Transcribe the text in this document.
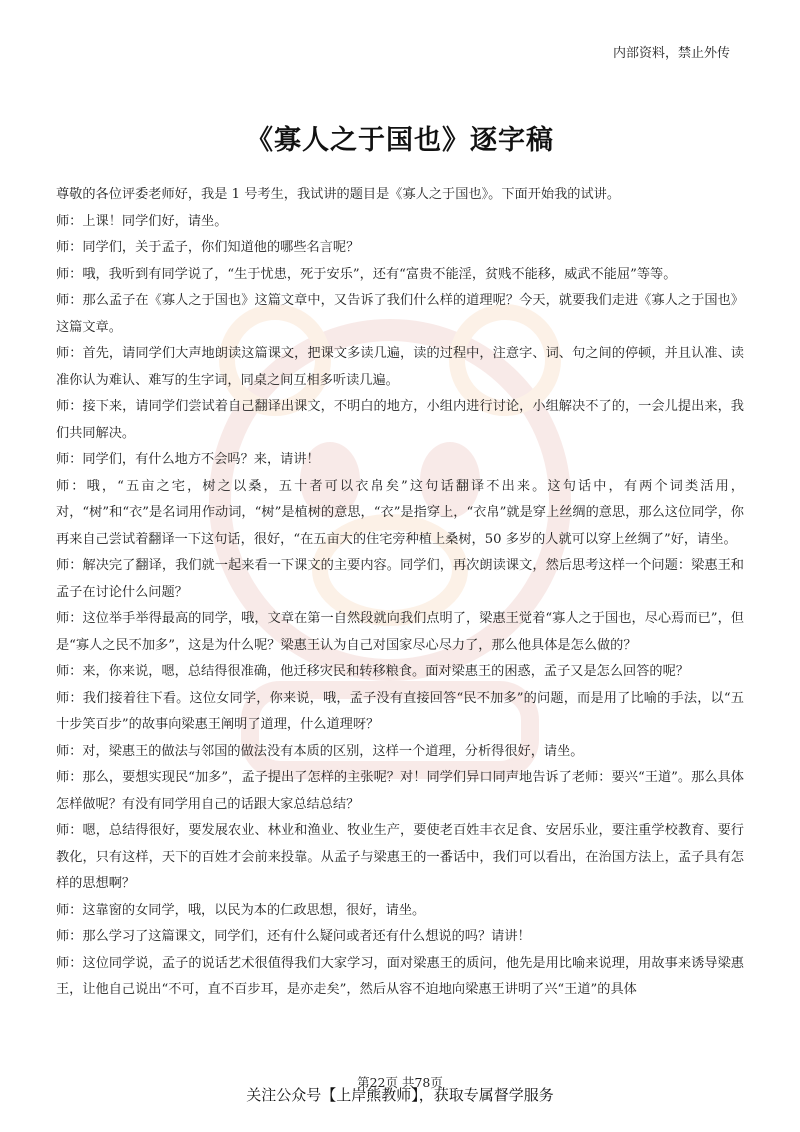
内部资料，禁止外传
《寡人之于国也》逐字稿

尊敬的各位评委老师好，我是 1 号考生，我试讲的题目是《寡人之于国也》。下面开始我的试讲。

师：上课！同学们好，请坐。

师：同学们，关于孟子，你们知道他的哪些名言呢？

师：哦，我听到有同学说了，“生于忧患，死于安乐”，还有“富贵不能淫，贫贱不能移，威武不能屈”等等。

师：那么孟子在《寡人之于国也》这篇文章中，又告诉了我们什么样的道理呢？今天，就要我们走进《寡人之于国也》这篇文章。

师：首先，请同学们大声地朗读这篇课文，把课文多读几遍，读的过程中，注意字、词、句之间的停顿，并且认准、读准你认为难认、难写的生字词，同桌之间互相多听读几遍。

师：接下来，请同学们尝试着自己翻译出课文，不明白的地方，小组内进行讨论，小组解决不了的，一会儿提出来，我们共同解决。

师：同学们，有什么地方不会吗？来，请讲！

师：哦，“五亩之宅，树之以桑，五十者可以衣帛矣”这句话翻译不出来。这句话中，有两个词类活用，对，“树”和“衣”是名词用作动词，“树”是植树的意思，“衣”是指穿上，“衣帛”就是穿上丝绸的意思，那么这位同学，你再来自己尝试着翻译一下这句话，很好，“在五亩大的住宅旁种植上桑树，50 多岁的人就可以穿上丝绸了”好，请坐。

师：解决完了翻译，我们就一起来看一下课文的主要内容。同学们，再次朗读课文，然后思考这样一个问题：梁惠王和孟子在讨论什么问题？

师：这位举手举得最高的同学，哦，文章在第一自然段就向我们点明了，梁惠王觉着“寡人之于国也，尽心焉而已”，但是“寡人之民不加多”，这是为什么呢？梁惠王认为自己对国家尽心尽力了，那么他具体是怎么做的？

师：来，你来说，嗯，总结得很准确，他迁移灾民和转移粮食。面对梁惠王的困惑，孟子又是怎么回答的呢？

师：我们接着往下看。这位女同学，你来说，哦，孟子没有直接回答“民不加多”的问题，而是用了比喻的手法，以“五十步笑百步”的故事向梁惠王阐明了道理，什么道理呀？

师：对，梁惠王的做法与邻国的做法没有本质的区别，这样一个道理，分析得很好，请坐。

师：那么，要想实现民“加多”，孟子提出了怎样的主张呢？对！同学们异口同声地告诉了老师：要兴“王道”。那么具体怎样做呢？有没有同学用自己的话跟大家总结总结？

师：嗯，总结得很好，要发展农业、林业和渔业、牧业生产，要使老百姓丰衣足食、安居乐业，要注重学校教育、要行教化，只有这样，天下的百姓才会前来投靠。从孟子与梁惠王的一番话中，我们可以看出，在治国方法上，孟子具有怎样的思想啊？

师：这靠窗的女同学，哦，以民为本的仁政思想，很好，请坐。

师：那么学习了这篇课文，同学们，还有什么疑问或者还有什么想说的吗？请讲！

师：这位同学说，孟子的说话艺术很值得我们大家学习，面对梁惠王的质问，他先是用比喻来说理，用故事来诱导梁惠王，让他自己说出“不可，直不百步耳，是亦走矣”，然后从容不迫地向梁惠王讲明了兴“王道”的具体

第22页 共78页
关注公众号【上岸熊教师】，获取专属督学服务
